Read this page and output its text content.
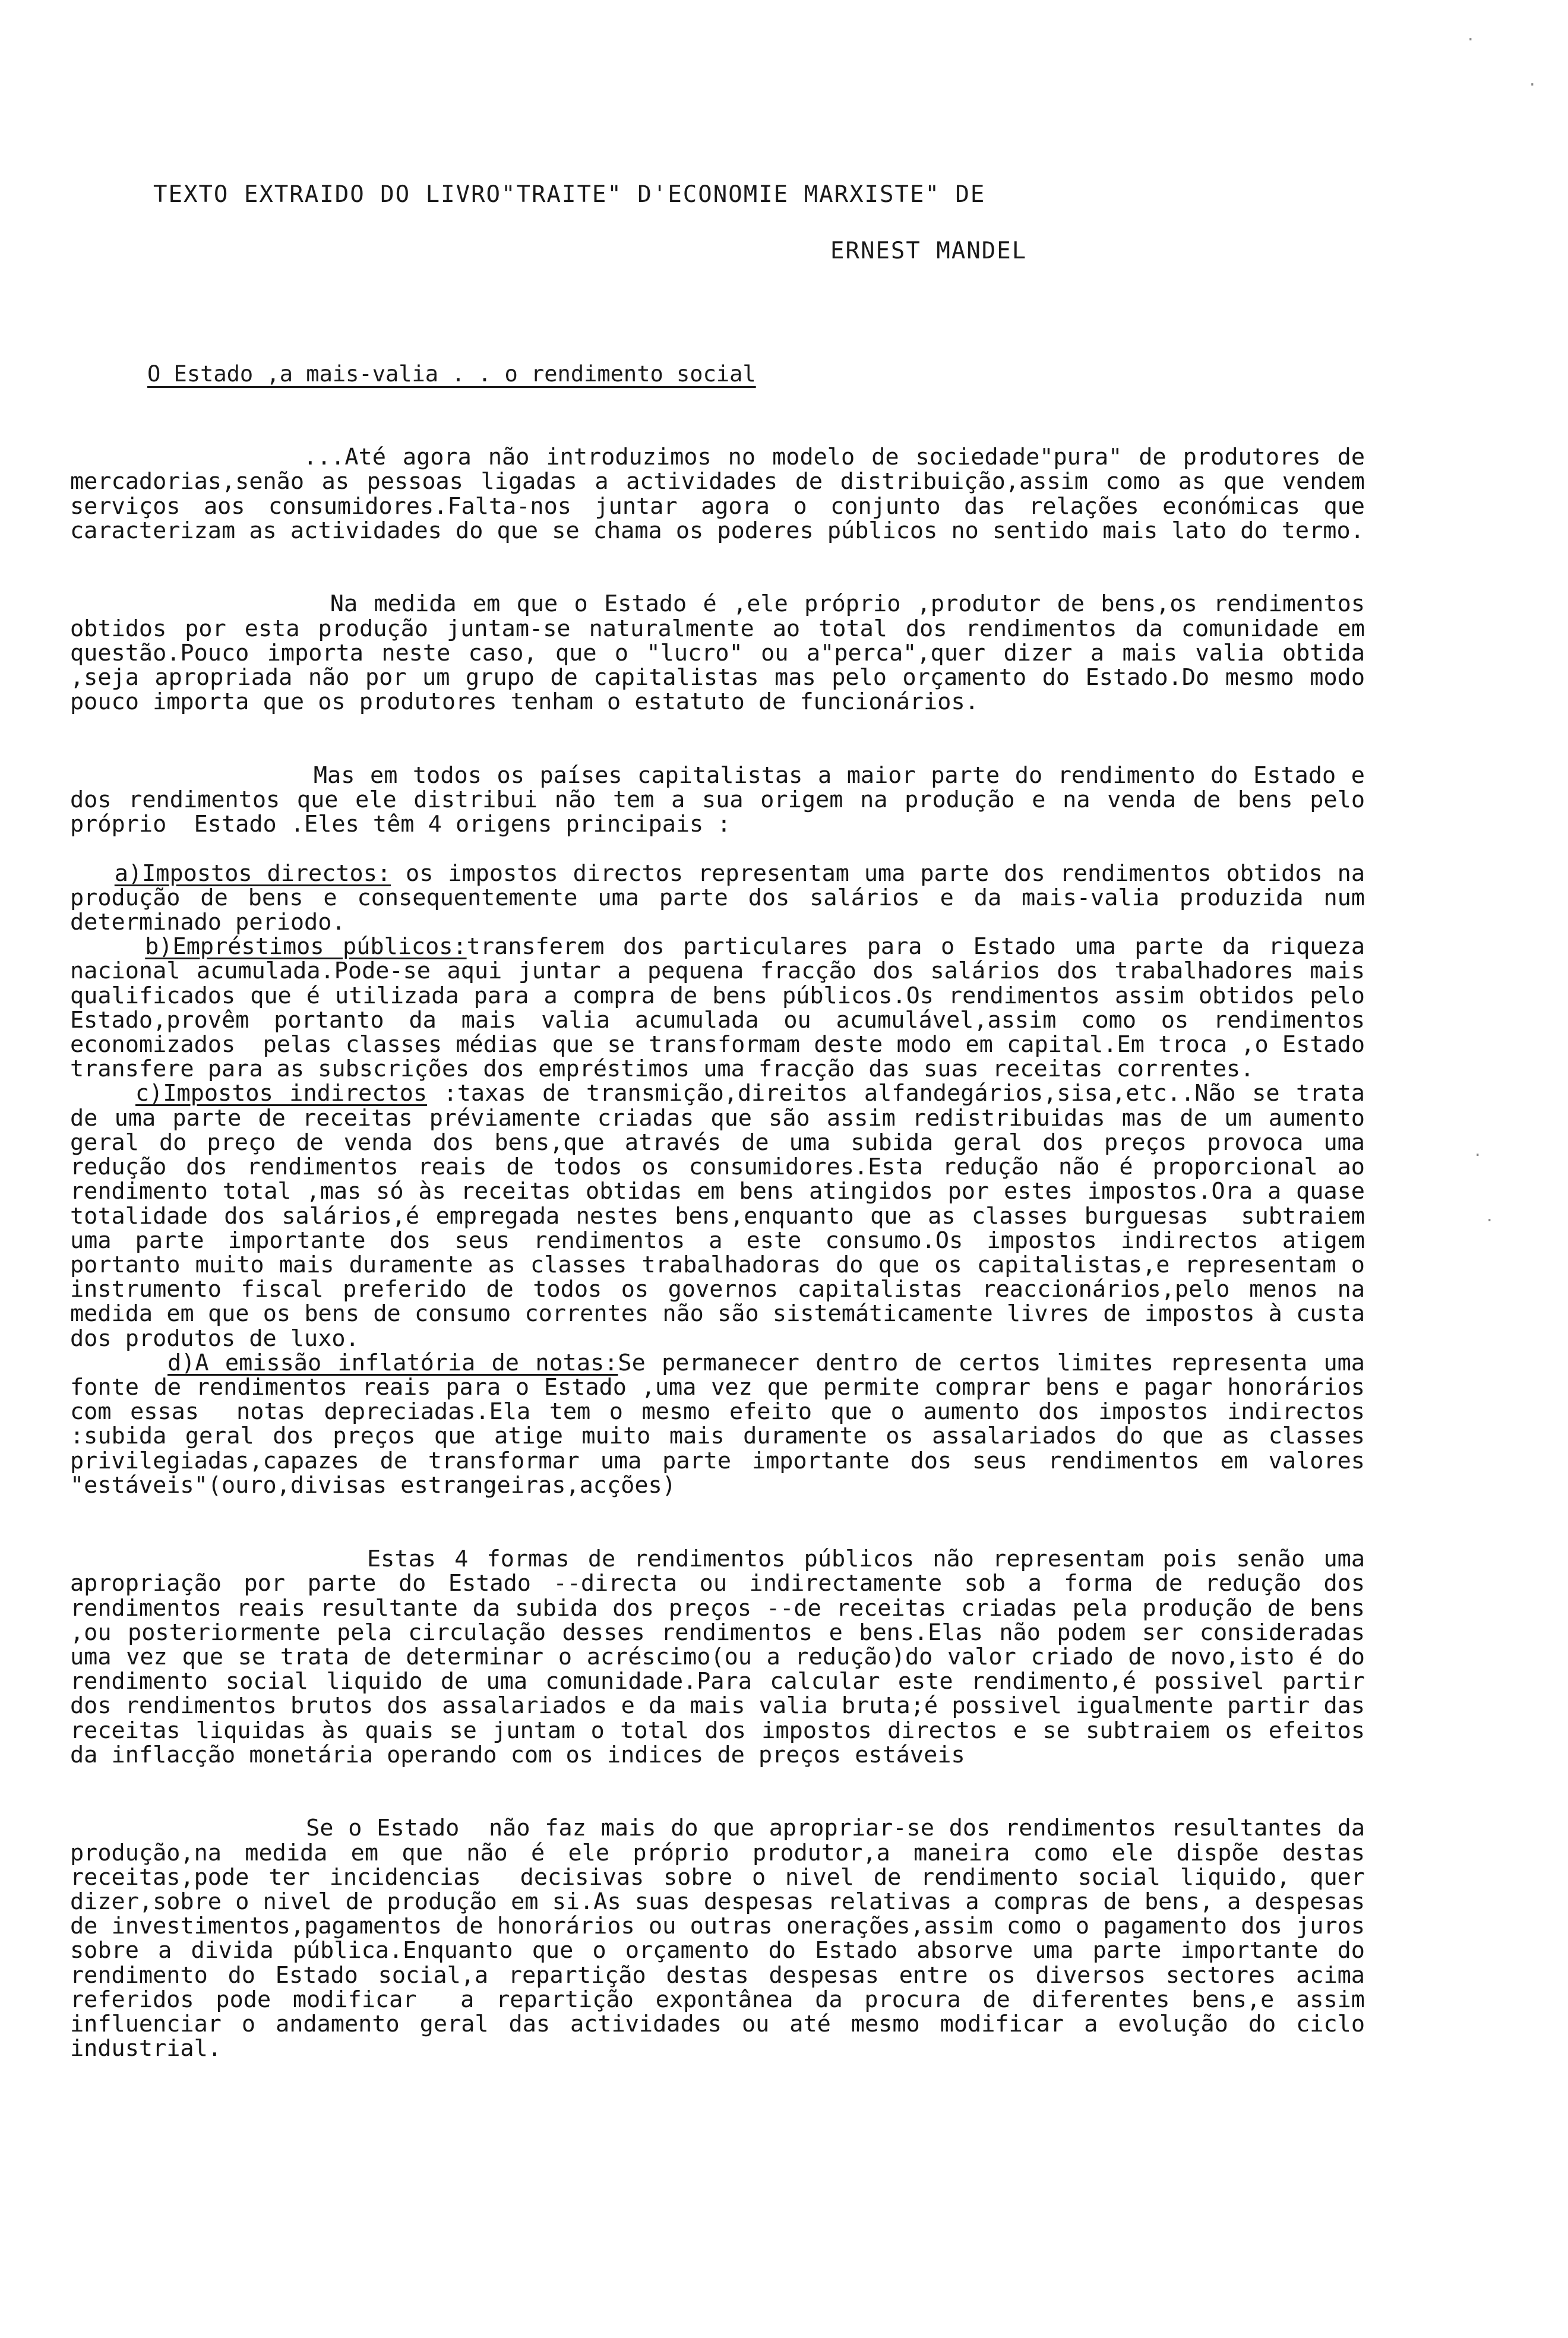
TEXTO EXTRAIDO DO LIVRO"TRAITE" D'ECONOMIE MARXISTE" DE
ERNEST MANDEL
O Estado ,a mais-valia . . o rendimento social

...Até agora não introduzimos no modelo de sociedade"pura" de produtores de mercadorias,senão as pessoas ligadas a actividades de distribuição,assim como as que vendem serviços aos consumidores.Falta-nos juntar agora o conjunto das relações económicas que caracterizam as actividades do que se chama os poderes públicos no sentido mais lato do termo.

Na medida em que o Estado é ,ele próprio ,produtor de bens,os rendimentos obtidos por esta produção juntam-se naturalmente ao total dos rendimentos da comunidade em questão.Pouco importa neste caso, que o "lucro" ou a"perca",quer dizer a mais valia obtida ,seja apropriada não por um grupo de capitalistas mas pelo orçamento do Estado.Do mesmo modo pouco importa que os produtores tenham o estatuto de funcionários.

Mas em todos os países capitalistas a maior parte do rendimento do Estado e dos rendimentos que ele distribui não tem a sua origem na produção e na venda de bens pelo próprio  Estado .Eles têm 4 origens principais :

a)Impostos directos: os impostos directos representam uma parte dos rendimentos obtidos na produção de bens e consequentemente uma parte dos salários e da mais-valia produzida num determinado periodo.

b)Empréstimos públicos:transferem dos particulares para o Estado uma parte da riqueza nacional acumulada.Pode-se aqui juntar a pequena fracção dos salários dos trabalhadores mais qualificados que é utilizada para a compra de bens públicos.Os rendimentos assim obtidos pelo Estado,provêm portanto da mais valia acumulada ou acumulável,assim como os rendimentos economizados  pelas classes médias que se transformam deste modo em capital.Em troca ,o Estado transfere para as subscrições dos empréstimos uma fracção das suas receitas correntes.

c)Impostos indirectos :taxas de transmição,direitos alfandegários,sisa,etc..Não se trata de uma parte de receitas préviamente criadas que são assim redistribuidas mas de um aumento geral do preço de venda dos bens,que através de uma subida geral dos preços provoca uma redução dos rendimentos reais de todos os consumidores.Esta redução não é proporcional ao rendimento total ,mas só às receitas obtidas em bens atingidos por estes impostos.Ora a quase totalidade dos salários,é empregada nestes bens,enquanto que as classes burguesas  subtraiem uma parte importante dos seus rendimentos a este consumo.Os impostos indirectos atigem portanto muito mais duramente as classes trabalhadoras do que os capitalistas,e representam o instrumento fiscal preferido de todos os governos capitalistas reaccionários,pelo menos na medida em que os bens de consumo correntes não são sistemáticamente livres de impostos à custa dos produtos de luxo.

d)A emissão inflatória de notas:Se permanecer dentro de certos limites representa uma fonte de rendimentos reais para o Estado ,uma vez que permite comprar bens e pagar honorários com essas  notas depreciadas.Ela tem o mesmo efeito que o aumento dos impostos indirectos :subida geral dos preços que atige muito mais duramente os assalariados do que as classes privilegiadas,capazes de transformar uma parte importante dos seus rendimentos em valores "estáveis"(ouro,divisas estrangeiras,acções)

Estas 4 formas de rendimentos públicos não representam pois senão uma apropriação por parte do Estado --directa ou indirectamente sob a forma de redução dos rendimentos reais resultante da subida dos preços --de receitas criadas pela produção de bens ,ou posteriormente pela circulação desses rendimentos e bens.Elas não podem ser consideradas uma vez que se trata de determinar o acréscimo(ou a redução)do valor criado de novo,isto é do rendimento social liquido de uma comunidade.Para calcular este rendimento,é possivel partir dos rendimentos brutos dos assalariados e da mais valia bruta;é possivel igualmente partir das receitas liquidas às quais se juntam o total dos impostos directos e se subtraiem os efeitos da inflacção monetária operando com os indices de preços estáveis

Se o Estado  não faz mais do que apropriar-se dos rendimentos resultantes da produção,na medida em que não é ele próprio produtor,a maneira como ele dispõe destas receitas,pode ter incidencias  decisivas sobre o nivel de rendimento social liquido, quer dizer,sobre o nivel de produção em si.As suas despesas relativas a compras de bens, a despesas de investimentos,pagamentos de honorários ou outras onerações,assim como o pagamento dos juros sobre a divida pública.Enquanto que o orçamento do Estado absorve uma parte importante do rendimento do Estado social,a repartição destas despesas entre os diversos sectores acima referidos pode modificar  a repartição expontânea da procura de diferentes bens,e assim influenciar o andamento geral das actividades ou até mesmo modificar a evolução do ciclo industrial.

·
·
·
·
